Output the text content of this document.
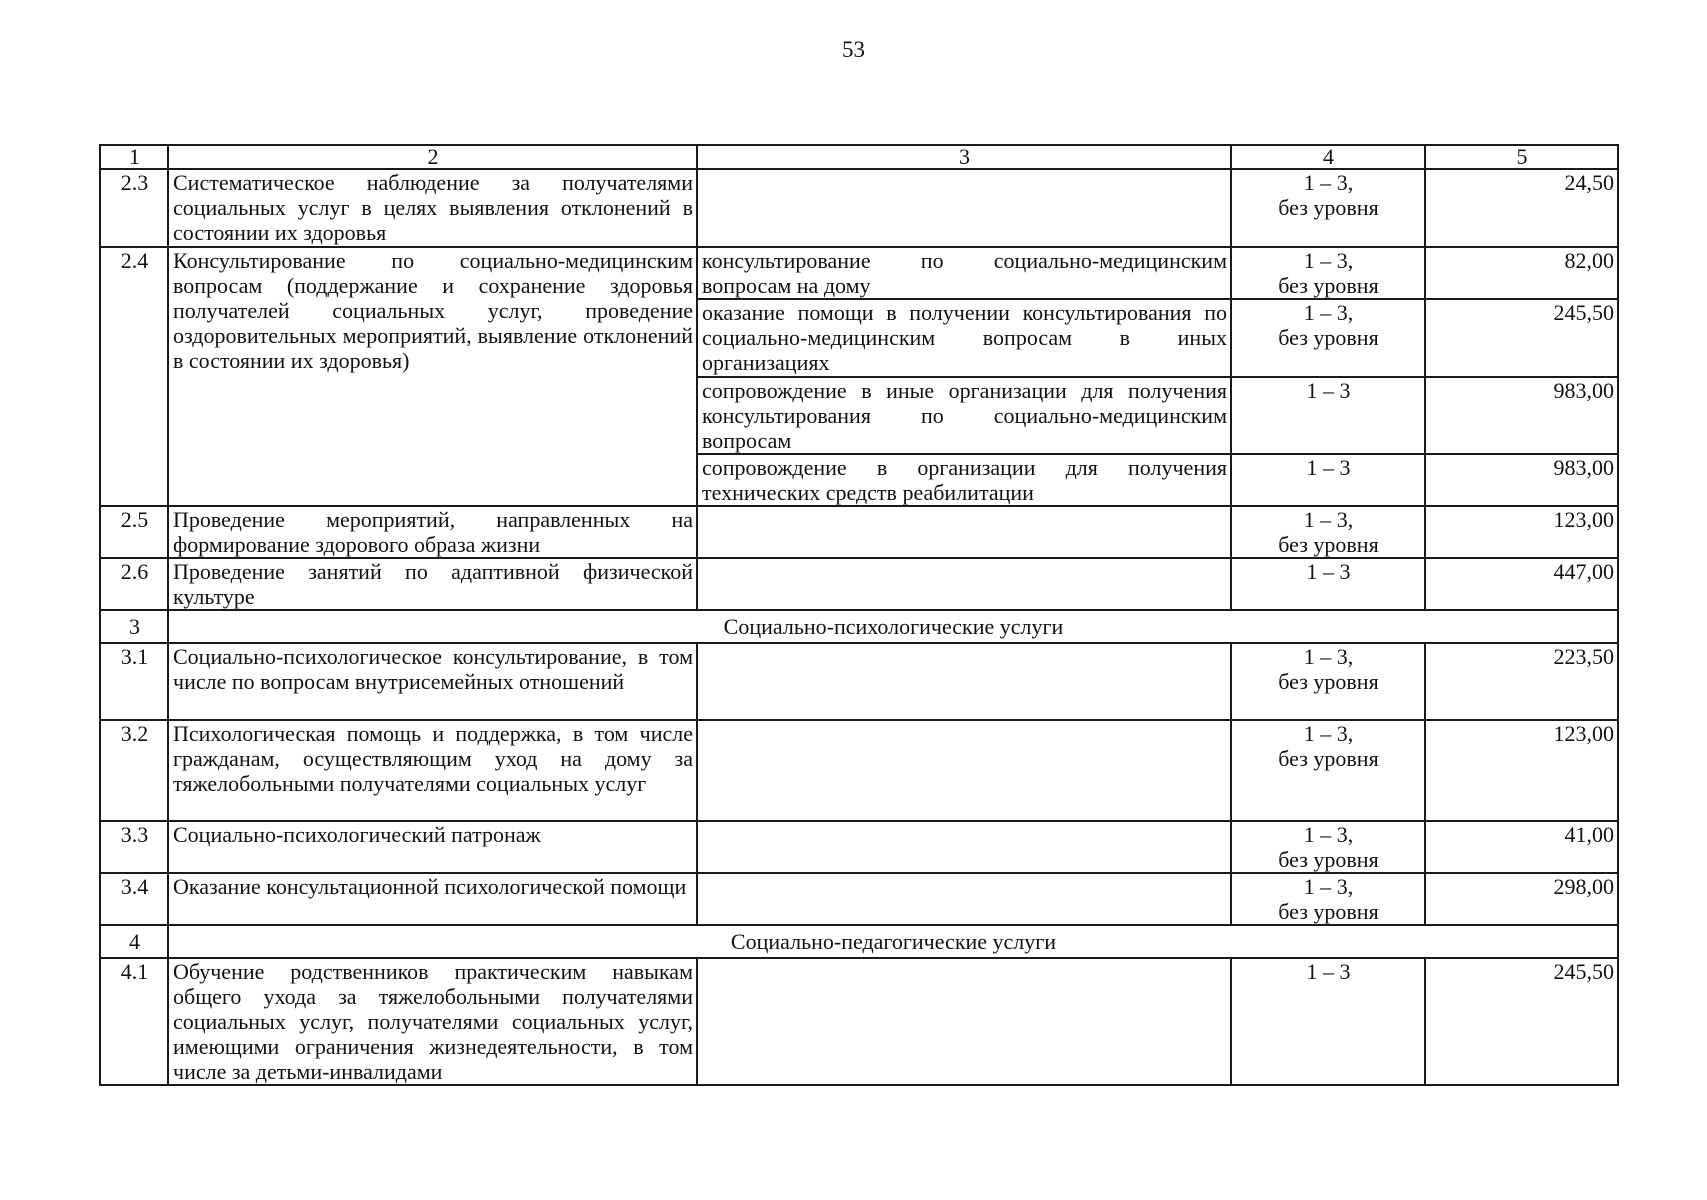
53
1	2	3	4	5
2.3	Систематическое наблюдение за получателями социальных услуг в целях выявления отклонений в состоянии их здоровья		1 – 3,
без уровня	24,50
2.4	Консультирование по социально-медицинским вопросам (поддержание и сохранение здоровья получателей социальных услуг, проведение оздоровительных мероприятий, выявление отклонений в состоянии их здоровья)	консультирование по социально-медицинским вопросам на дому	1 – 3,
без уровня	82,00
		оказание помощи в получении консультирования по социально-медицинским вопросам в иных организациях	1 – 3,
без уровня	245,50
		сопровождение в иные организации для получения консультирования по социально-медицинским вопросам	1 – 3	983,00
		сопровождение в организации для получения технических средств реабилитации	1 – 3	983,00
2.5	Проведение мероприятий, направленных на формирование здорового образа жизни		1 – 3,
без уровня	123,00
2.6	Проведение занятий по адаптивной физической культуре		1 – 3	447,00
3	Социально-психологические услуги			
3.1	Социально-психологическое консультирование, в том числе по вопросам внутрисемейных отношений		1 – 3,
без уровня	223,50
3.2	Психологическая помощь и поддержка, в том числе гражданам, осуществляющим уход на дому за тяжелобольными получателями социальных услуг		1 – 3,
без уровня	123,00
3.3	Социально-психологический патронаж		1 – 3,
без уровня	41,00
3.4	Оказание консультационной психологической помощи		1 – 3,
без уровня	298,00
4	Социально-педагогические услуги			
4.1	Обучение родственников практическим навыкам общего ухода за тяжелобольными получателями социальных услуг, получателями социальных услуг, имеющими ограничения жизнедеятельности, в том числе за детьми-инвалидами		1 – 3	245,50
